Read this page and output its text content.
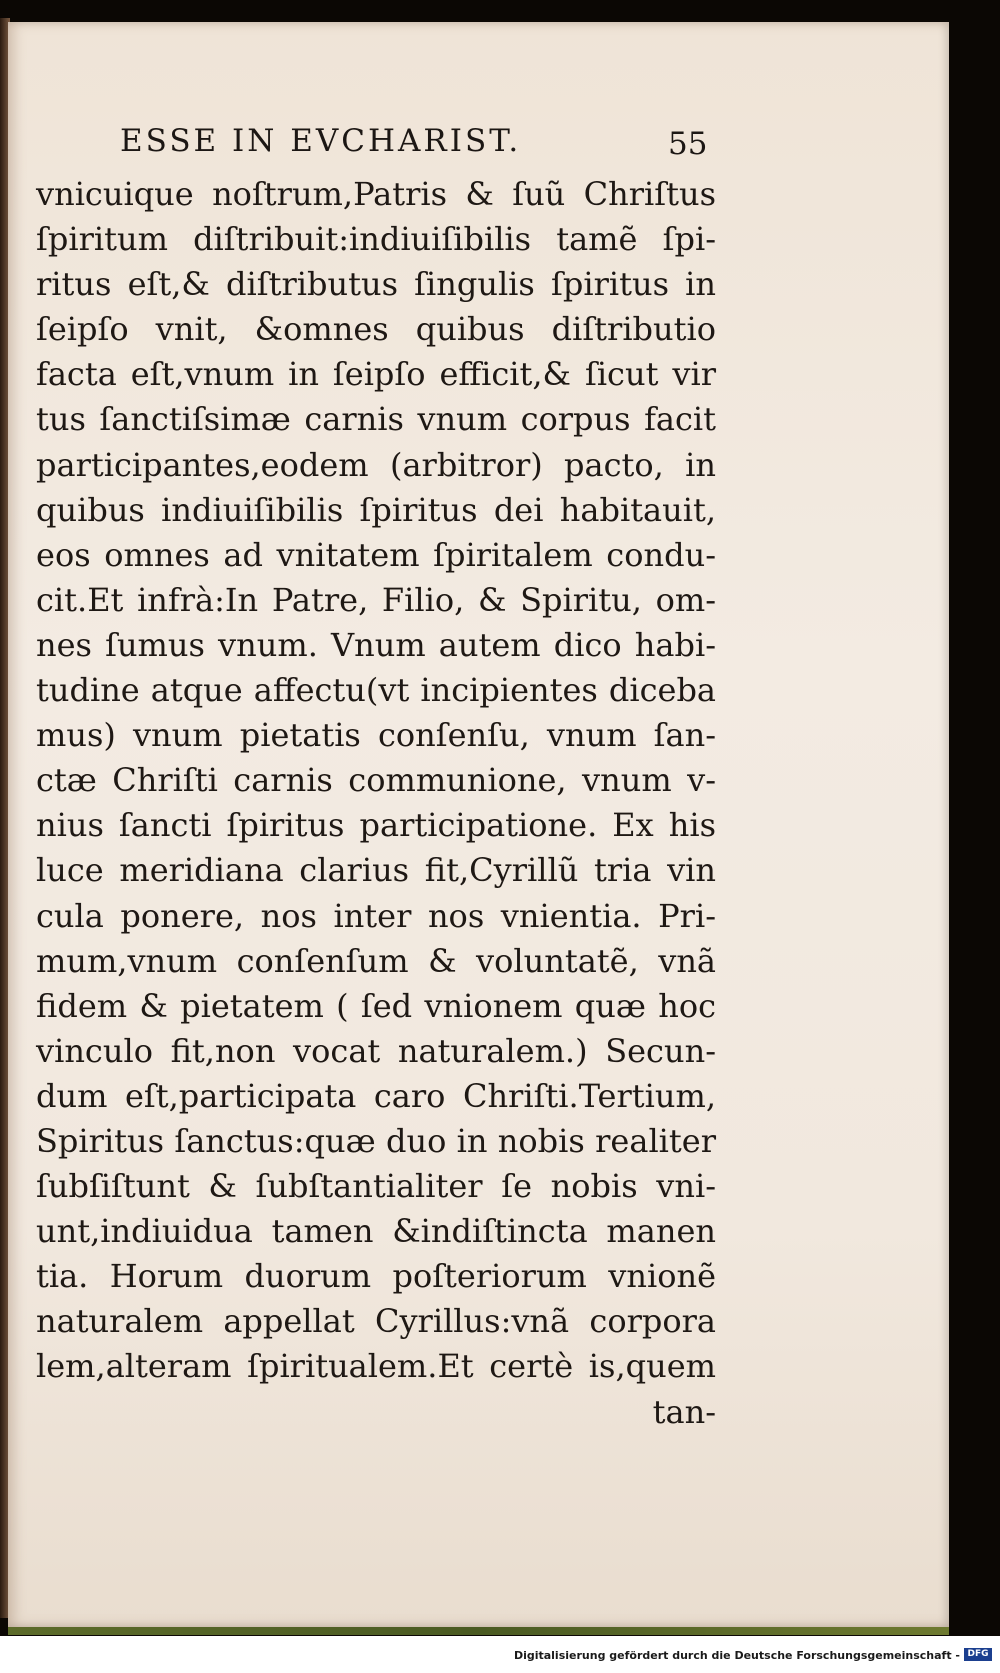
ESSE IN EVCHARIST.	55
vnicuique noſtrum,Patris & ſuũ Chriſtus
ſpiritum diſtribuit:indiuiſibilis tamẽ ſpi-
ritus eſt,& diſtributus ſingulis ſpiritus in
ſeipſo vnit, &omnes quibus diſtributio
facta eſt,vnum in ſeipſo efficit,& ſicut vir
tus ſanctiſsimæ carnis vnum corpus facit
participantes,eodem (arbitror) pacto, in
quibus indiuiſibilis ſpiritus dei habitauit,
eos omnes ad vnitatem ſpiritalem condu-
cit.Et infrà:In Patre, Filio, & Spiritu, om-
nes ſumus vnum. Vnum autem dico habi-
tudine atque affectu(vt incipientes diceba
mus) vnum pietatis conſenſu, vnum ſan-
ctæ Chriſti carnis communione, vnum v-
nius ſancti ſpiritus participatione. Ex his
luce meridiana clarius fit,Cyrillũ tria vin
cula ponere, nos inter nos vnientia. Pri-
mum,vnum conſenſum & voluntatẽ, vnã
fidem & pietatem ( ſed vnionem quæ hoc
vinculo fit,non vocat naturalem.) Secun-
dum eſt,participata caro Chriſti.Tertium,
Spiritus ſanctus:quæ duo in nobis realiter
ſubſiſtunt & ſubſtantialiter ſe nobis vni-
unt,indiuidua tamen &indiſtincta manen
tia. Horum duorum poſteriorum vnionẽ
naturalem appellat Cyrillus:vnã corpora
lem,alteram ſpiritualem.Et certè is,quem
tan-
Digitalisierung gefördert durch die Deutsche Forschungsgemeinschaft - DFG
